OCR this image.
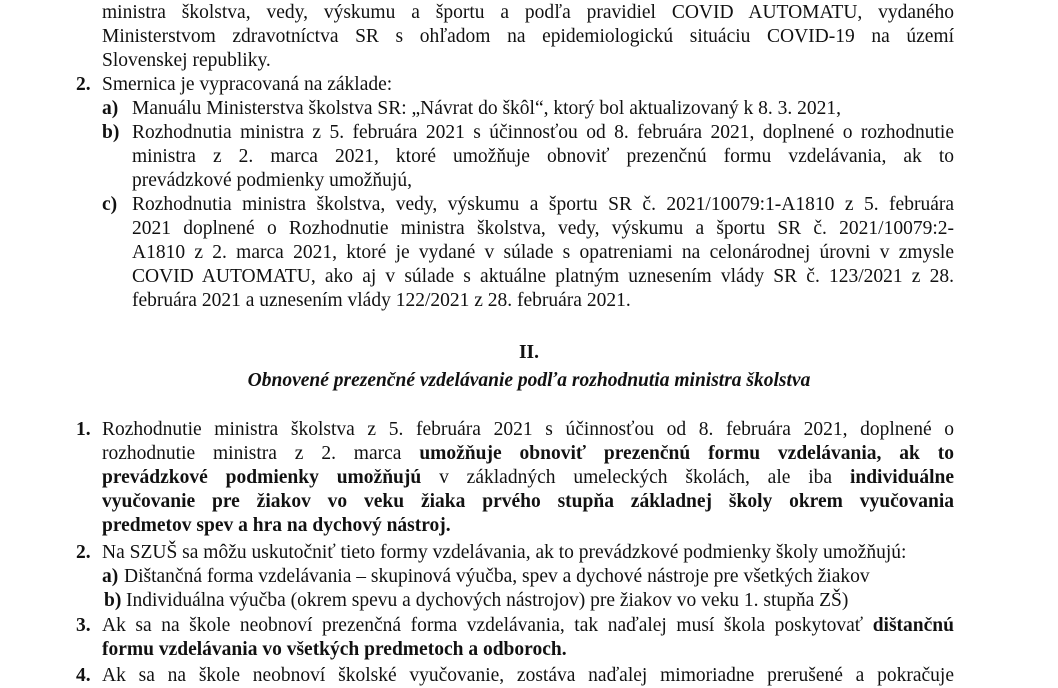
ministra školstva, vedy, výskumu a športu a podľa pravidiel COVID AUTOMATU, vydaného
Ministerstvom zdravotníctva SR s ohľadom na epidemiologickú situáciu COVID-19 na území
Slovenskej republiky.
2. Smernica je vypracovaná na základe:
a) Manuálu Ministerstva školstva SR: „Návrat do škôl“, ktorý bol aktualizovaný k 8. 3. 2021,
b) Rozhodnutia ministra z 5. februára 2021 s účinnosťou od 8. februára 2021, doplnené o rozhodnutie
ministra z 2. marca 2021, ktoré umožňuje obnoviť prezenčnú formu vzdelávania, ak to
prevádzkové podmienky umožňujú,
c) Rozhodnutia ministra školstva, vedy, výskumu a športu SR č. 2021/10079:1-A1810 z 5. februára
2021 doplnené o Rozhodnutie ministra školstva, vedy, výskumu a športu SR č. 2021/10079:2-
A1810 z 2. marca 2021, ktoré je vydané v súlade s opatreniami na celonárodnej úrovni v zmysle
COVID AUTOMATU, ako aj v súlade s aktuálne platným uznesením vlády SR č. 123/2021 z 28.
februára 2021 a uznesením vlády 122/2021 z 28. februára 2021.
II.
Obnovené prezenčné vzdelávanie podľa rozhodnutia ministra školstva
1. Rozhodnutie ministra školstva z 5. februára 2021 s účinnosťou od 8. februára 2021, doplnené o
rozhodnutie ministra z 2. marca umožňuje obnoviť prezenčnú formu vzdelávania, ak to
prevádzkové podmienky umožňujú v základných umeleckých školách, ale iba individuálne
vyučovanie pre žiakov vo veku žiaka prvého stupňa základnej školy okrem vyučovania
predmetov spev a hra na dychový nástroj.
2. Na SZUŠ sa môžu uskutočniť tieto formy vzdelávania, ak to prevádzkové podmienky školy umožňujú:
a) Dištančná forma vzdelávania – skupinová výučba, spev a dychové nástroje pre všetkých žiakov
b) Individuálna výučba (okrem spevu a dychových nástrojov) pre žiakov vo veku 1. stupňa ZŠ)
3. Ak sa na škole neobnoví prezenčná forma vzdelávania, tak naďalej musí škola poskytovať dištančnú
formu vzdelávania vo všetkých predmetoch a odboroch.
4. Ak sa na škole neobnoví školské vyučovanie, zostáva naďalej mimoriadne prerušené a pokračuje
